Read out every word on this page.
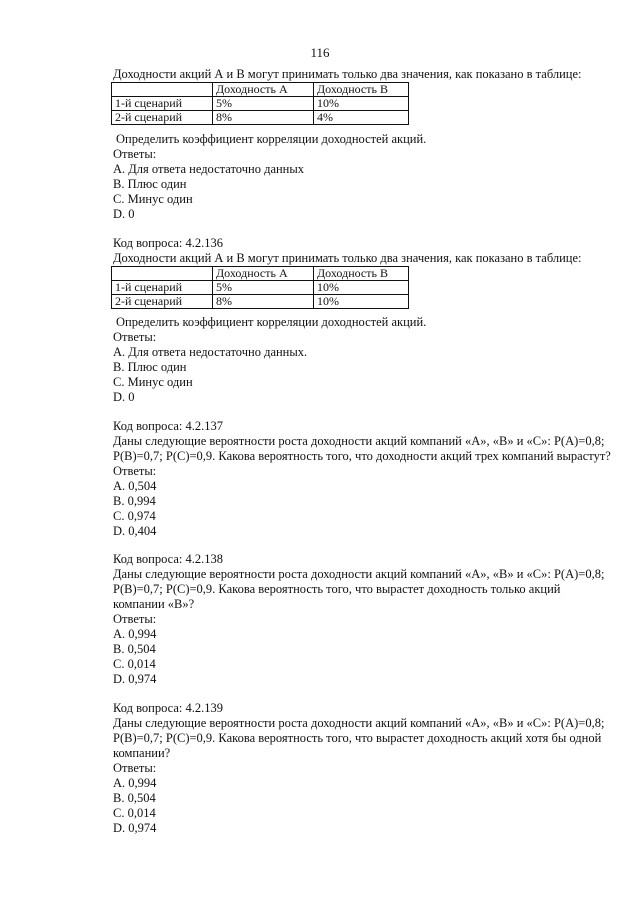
116
Доходности акций А и В могут принимать только два значения, как показано в таблице:
	Доходность А	Доходность В
1-й сценарий	5%	10%
2-й сценарий	8%	4%
Определить коэффициент корреляции доходностей акций.
Ответы:
А. Для ответа недостаточно данных
В. Плюс один
С. Минус один
D. 0
Код вопроса: 4.2.136
Доходности акций А и В могут принимать только два значения, как показано в таблице:
	Доходность А	Доходность В
1-й сценарий	5%	10%
2-й сценарий	8%	10%
Определить коэффициент корреляции доходностей акций.
Ответы:
А. Для ответа недостаточно данных.
В. Плюс один
С. Минус один
D. 0
Код вопроса: 4.2.137
Даны следующие вероятности роста доходности акций компаний «А», «В» и «С»: Р(А)=0,8;
Р(В)=0,7; Р(С)=0,9. Какова вероятность того, что доходности акций трех компаний вырастут?
Ответы:
А. 0,504
В. 0,994
С. 0,974
D. 0,404
Код вопроса: 4.2.138
Даны следующие вероятности роста доходности акций компаний «А», «В» и «С»: Р(А)=0,8;
Р(В)=0,7; Р(С)=0,9. Какова вероятность того, что вырастет доходность только акций
компании «В»?
Ответы:
А. 0,994
В. 0,504
С. 0,014
D. 0,974
Код вопроса: 4.2.139
Даны следующие вероятности роста доходности акций компаний «А», «В» и «С»: Р(А)=0,8;
Р(В)=0,7; Р(С)=0,9. Какова вероятность того, что вырастет доходность акций хотя бы одной
компании?
Ответы:
А. 0,994
В. 0,504
С. 0,014
D. 0,974
